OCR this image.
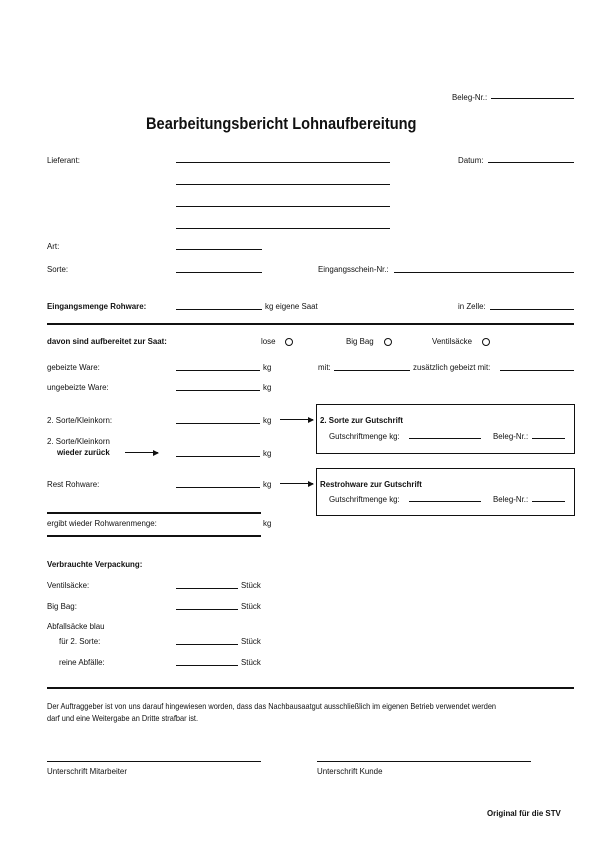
Beleg-Nr.:
Bearbeitungsbericht Lohnaufbereitung
Lieferant:	Datum:
Art:
Sorte:	Eingangsschein-Nr.:
Eingangsmenge Rohware:	kg eigene Saat	in Zelle:
davon sind aufbereitet zur Saat:	lose	Big Bag	Ventilsäcke
gebeizte Ware:	kg	mit:	zusätzlich gebeizt mit:
ungebeizte Ware:	kg
2. Sorte/Kleinkorn:	kg	2. Sorte zur Gutschrift
Gutschriftmenge kg:	Beleg-Nr.:
2. Sorte/Kleinkorn
wieder zurück	kg
Rest Rohware:	kg	Restrohware zur Gutschrift
Gutschriftmenge kg:	Beleg-Nr.:
ergibt wieder Rohwarenmenge:	kg
Verbrauchte Verpackung:
Ventilsäcke:	Stück
Big Bag:	Stück
Abfallsäcke blau
für 2. Sorte:	Stück
reine Abfälle:	Stück
Der Auftraggeber ist von uns darauf hingewiesen worden, dass das Nachbausaatgut ausschließlich im eigenen Betrieb verwendet werden
darf und eine Weitergabe an Dritte strafbar ist.
Unterschrift Mitarbeiter	Unterschrift Kunde
Original für die STV
